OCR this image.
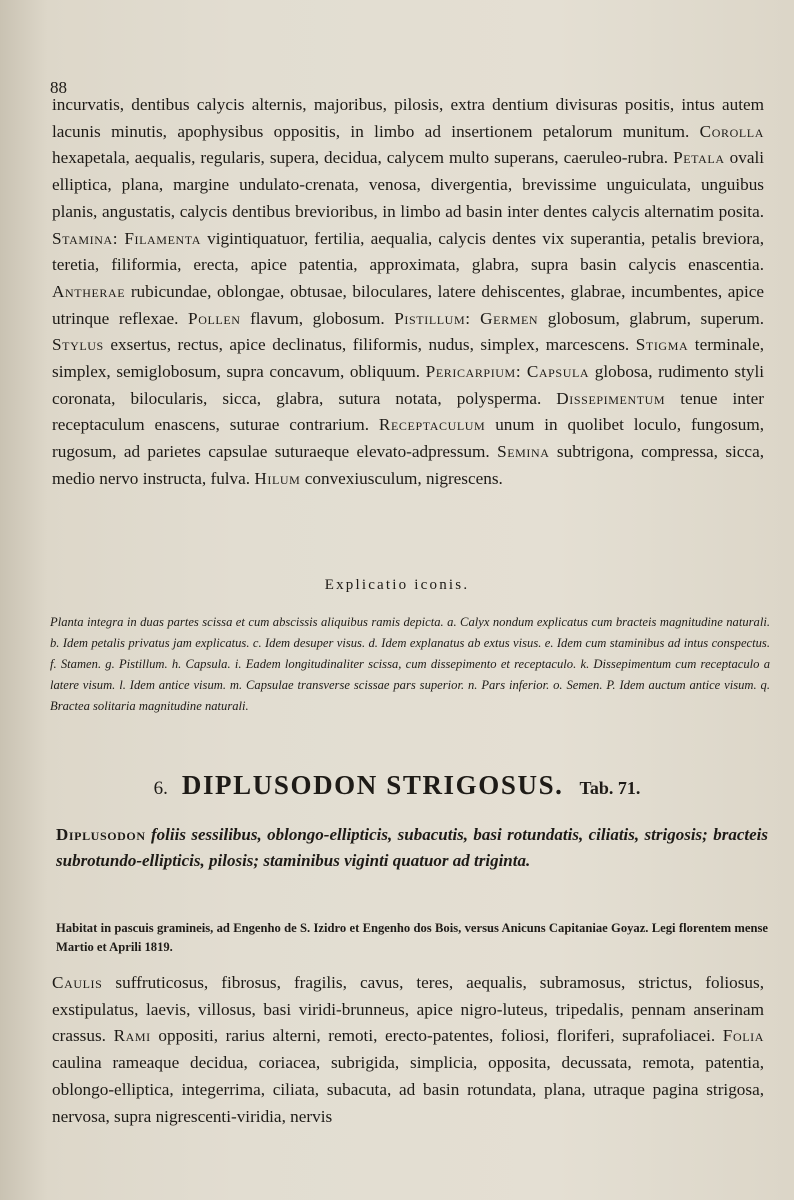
88
incurvatis, dentibus calycis alternis, majoribus, pilosis, extra dentium divisuras positis, intus autem lacunis minutis, apophysibus oppositis, in limbo ad insertionem petalorum munitum. Corolla hexapetala, aequalis, regularis, supera, decidua, calycem multo superans, caeruleo-rubra. Petala ovali elliptica, plana, margine undulato-crenata, venosa, divergentia, brevissime unguiculata, unguibus planis, angustatis, calycis dentibus brevioribus, in limbo ad basin inter dentes calycis alternatim posita. Stamina: Filamenta vigintiquatuor, fertilia, aequalia, calycis dentes vix superantia, petalis breviora, teretia, filiformia, erecta, apice patentia, approximata, glabra, supra basin calycis enascentia. Antherae rubicundae, oblongae, obtusae, biloculares, latere dehiscentes, glabrae, incumbentes, apice utrinque reflexae. Pollen flavum, globosum. Pistillum: Germen globosum, glabrum, superum. Stylus exsertus, rectus, apice declinatus, filiformis, nudus, simplex, marcescens. Stigma terminale, simplex, semiglobosum, supra concavum, obliquum. Pericarpium: Capsula globosa, rudimento styli coronata, bilocularis, sicca, glabra, sutura notata, polysperma. Dissepimentum tenue inter receptaculum enascens, suturae contrarium. Receptaculum unum in quolibet loculo, fungosum, rugosum, ad parietes capsulae suturaeque elevato-adpressum. Semina subtrigona, compressa, sicca, medio nervo instructa, fulva. Hilum convexiusculum, nigrescens.
Explicatio iconis.
Planta integra in duas partes scissa et cum abscissis aliquibus ramis depicta. a. Calyx nondum explicatus cum bracteis magnitudine naturali. b. Idem petalis privatus jam explicatus. c. Idem desuper visus. d. Idem explanatus ab extus visus. e. Idem cum staminibus ad intus conspectus. f. Stamen. g. Pistillum. h. Capsula. i. Eadem longitudinaliter scissa, cum dissepimento et receptaculo. k. Dissepimentum cum receptaculo a latere visum. l. Idem antice visum. m. Capsulae transverse scissae pars superior. n. Pars inferior. o. Semen. P. Idem auctum antice visum. q. Bractea solitaria magnitudine naturali.
6. DIPLUSODON STRIGOSUS. Tab. 71.
Diplusodon foliis sessilibus, oblongo-ellipticis, subacutis, basi rotundatis, ciliatis, strigosis; bracteis subrotundo-ellipticis, pilosis; staminibus viginti quatuor ad triginta.
Habitat in pascuis gramineis, ad Engenho de S. Izidro et Engenho dos Bois, versus Anicuns Capitaniae Goyaz. Legi florentem mense Martio et Aprili 1819.
Caulis suffruticosus, fibrosus, fragilis, cavus, teres, aequalis, subramosus, strictus, foliosus, exstipulatus, laevis, villosus, basi viridi-brunneus, apice nigro-luteus, tripedalis, pennam anserinam crassus. Rami oppositi, rarius alterni, remoti, erecto-patentes, foliosi, floriferi, suprafoliacei. Folia caulina rameaque decidua, coriacea, subrigida, simplicia, opposita, decussata, remota, patentia, oblongo-elliptica, integerrima, ciliata, subacuta, ad basin rotundata, plana, utraque pagina strigosa, nervosa, supra nigrescenti-viridia, nervis
